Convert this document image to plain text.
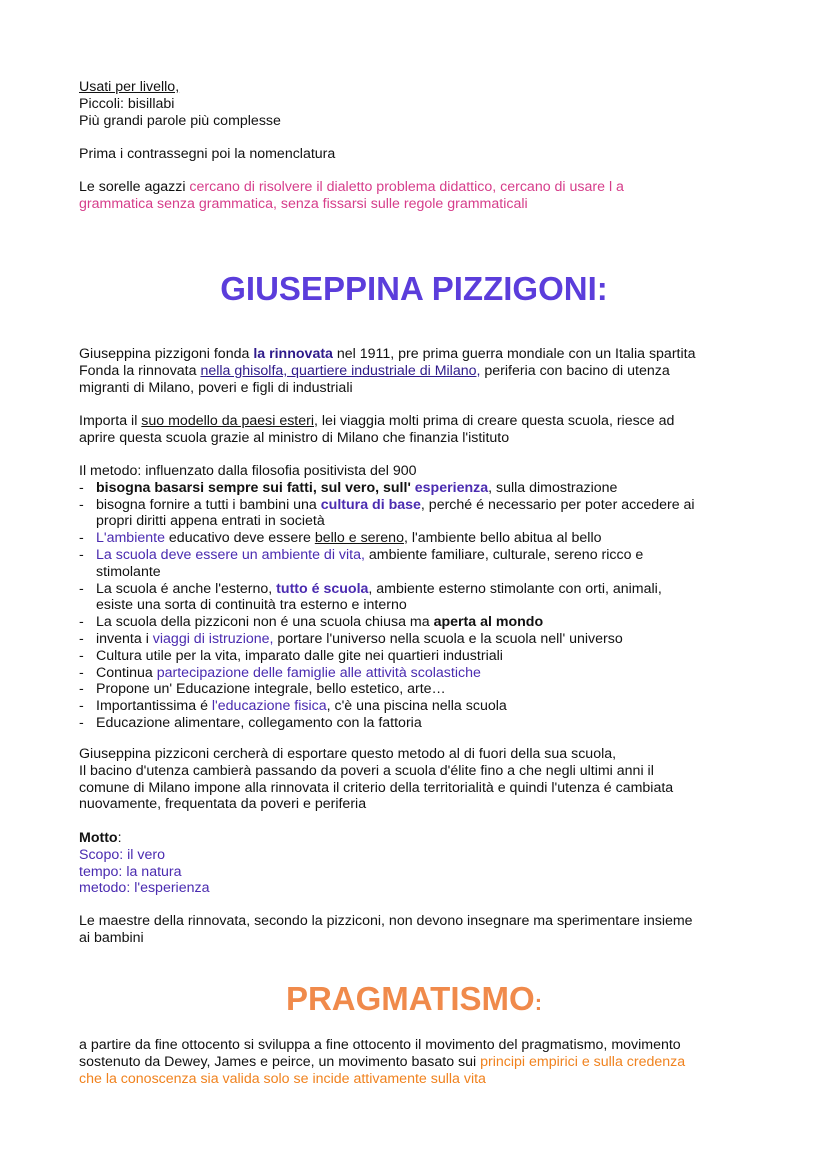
Usati per livello,
Piccoli: bisillabi
Più grandi parole più complesse
Prima i contrassegni poi la nomenclatura
Le sorelle agazzi cercano di risolvere il dialetto problema didattico, cercano di usare l a
grammatica senza grammatica, senza fissarsi sulle regole grammaticali
GIUSEPPINA PIZZIGONI:
Giuseppina pizzigoni fonda la rinnovata nel 1911, pre prima guerra mondiale con un Italia spartita
Fonda la rinnovata nella ghisolfa, quartiere industriale di Milano, periferia con bacino di utenza
migranti di Milano, poveri e figli di industriali
Importa il suo modello da paesi esteri, lei viaggia molti prima di creare questa scuola, riesce ad
aprire questa scuola grazie al ministro di Milano che finanzia l'istituto
Il metodo: influenzato dalla filosofia positivista del 900
- bisogna basarsi sempre sui fatti, sul vero, sull' esperienza, sulla dimostrazione
- bisogna fornire a tutti i bambini una cultura di base, perché é necessario per poter accedere ai
propri diritti appena entrati in società
- L'ambiente educativo deve essere bello e sereno, l'ambiente bello abitua al bello
- La scuola deve essere un ambiente di vita, ambiente familiare, culturale, sereno ricco e
stimolante
- La scuola é anche l'esterno, tutto é scuola, ambiente esterno stimolante con orti, animali,
esiste una sorta di continuità tra esterno e interno
- La scuola della pizziconi non é una scuola chiusa ma aperta al mondo
- inventa i viaggi di istruzione, portare l'universo nella scuola e la scuola nell' universo
- Cultura utile per la vita, imparato dalle gite nei quartieri industriali
- Continua partecipazione delle famiglie alle attività scolastiche
- Propone un' Educazione integrale, bello estetico, arte…
- Importantissima é l'educazione fisica, c'è una piscina nella scuola
- Educazione alimentare, collegamento con la fattoria
Giuseppina pizziconi cercherà di esportare questo metodo al di fuori della sua scuola,
Il bacino d'utenza cambierà passando da poveri a scuola d'élite fino a che negli ultimi anni il
comune di Milano impone alla rinnovata il criterio della territorialità e quindi l'utenza é cambiata
nuovamente, frequentata da poveri e periferia
Motto:
Scopo: il vero
tempo: la natura
metodo: l'esperienza
Le maestre della rinnovata, secondo la pizziconi, non devono insegnare ma sperimentare insieme
ai bambini
PRAGMATISMO:
a partire da fine ottocento si sviluppa a fine ottocento il movimento del pragmatismo, movimento
sostenuto da Dewey, James e peirce, un movimento basato sui principi empirici e sulla credenza
che la conoscenza sia valida solo se incide attivamente sulla vita
